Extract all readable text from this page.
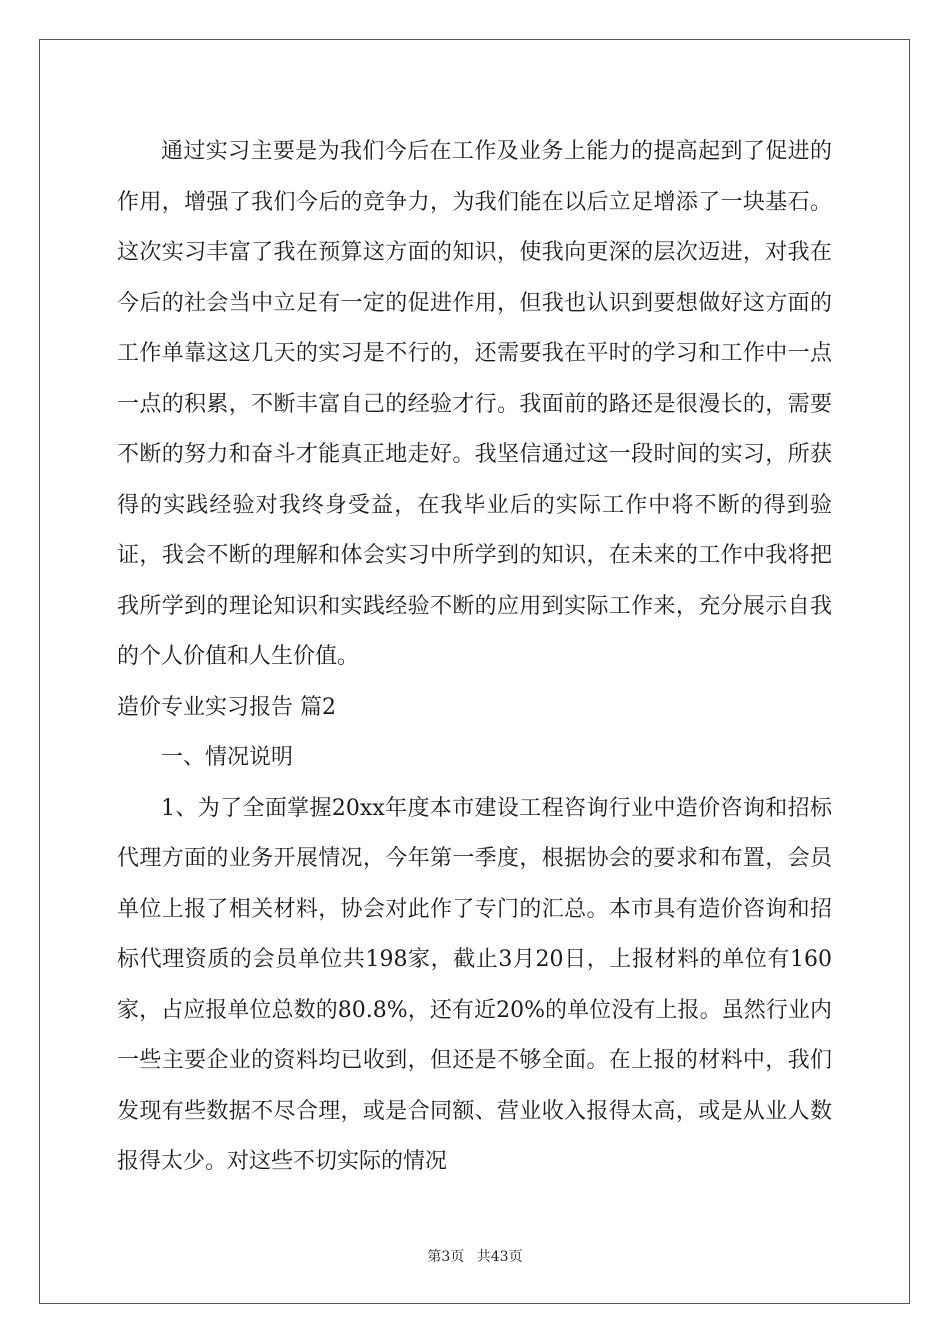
通过实习主要是为我们今后在工作及业务上能力的提高起到了促进的作用，增强了我们今后的竞争力，为我们能在以后立足增添了一块基石。这次实习丰富了我在预算这方面的知识，使我向更深的层次迈进，对我在今后的社会当中立足有一定的促进作用，但我也认识到要想做好这方面的工作单靠这这几天的实习是不行的，还需要我在平时的学习和工作中一点一点的积累，不断丰富自己的经验才行。我面前的路还是很漫长的，需要不断的努力和奋斗才能真正地走好。我坚信通过这一段时间的实习，所获得的实践经验对我终身受益，在我毕业后的实际工作中将不断的得到验证，我会不断的理解和体会实习中所学到的知识，在未来的工作中我将把我所学到的理论知识和实践经验不断的应用到实际工作来，充分展示自我的个人价值和人生价值。

造价专业实习报告 篇2

一、情况说明

1、为了全面掌握20xx年度本市建设工程咨询行业中造价咨询和招标代理方面的业务开展情况，今年第一季度，根据协会的要求和布置，会员单位上报了相关材料，协会对此作了专门的汇总。本市具有造价咨询和招标代理资质的会员单位共198家，截止3月20日，上报材料的单位有160家，占应报单位总数的80.8%，还有近20%的单位没有上报。虽然行业内一些主要企业的资料均已收到，但还是不够全面。在上报的材料中，我们发现有些数据不尽合理，或是合同额、营业收入报得太高，或是从业人数报得太少。对这些不切实际的情况

第3页 共43页
